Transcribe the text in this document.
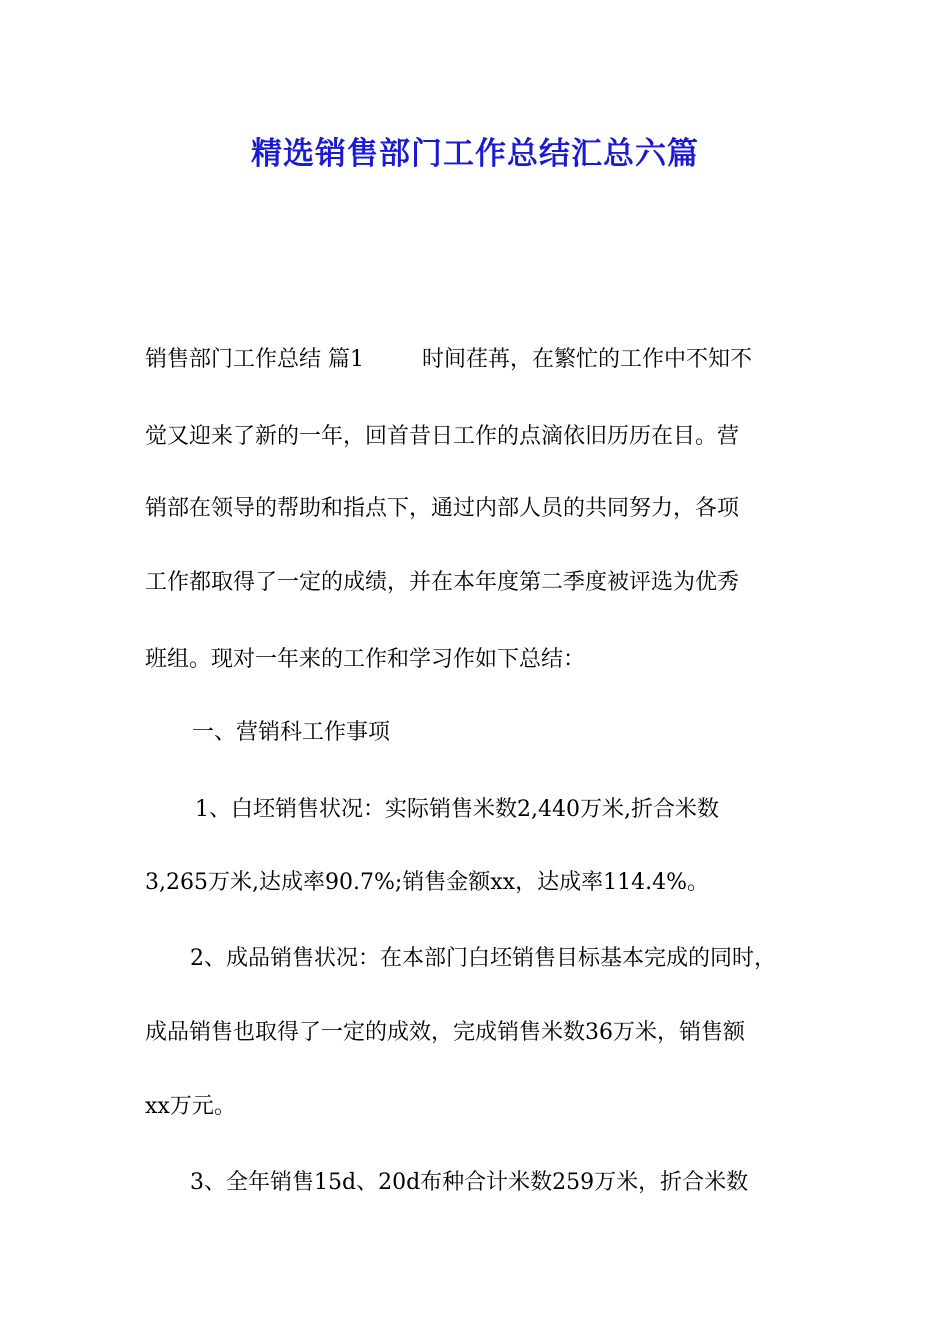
精选销售部门工作总结汇总六篇

销售部门工作总结 篇1	时间荏苒，在繁忙的工作中不知不

觉又迎来了新的一年，回首昔日工作的点滴依旧历历在目。营

销部在领导的帮助和指点下，通过内部人员的共同努力，各项

工作都取得了一定的成绩，并在本年度第二季度被评选为优秀

班组。现对一年来的工作和学习作如下总结：

一、营销科工作事项

1、白坯销售状况：实际销售米数2,440万米,折合米数

3,265万米,达成率90.7%;销售金额xx，达成率114.4%。

2、成品销售状况：在本部门白坯销售目标基本完成的同时，

成品销售也取得了一定的成效，完成销售米数36万米，销售额

xx万元。

3、全年销售15d、20d布种合计米数259万米，折合米数
